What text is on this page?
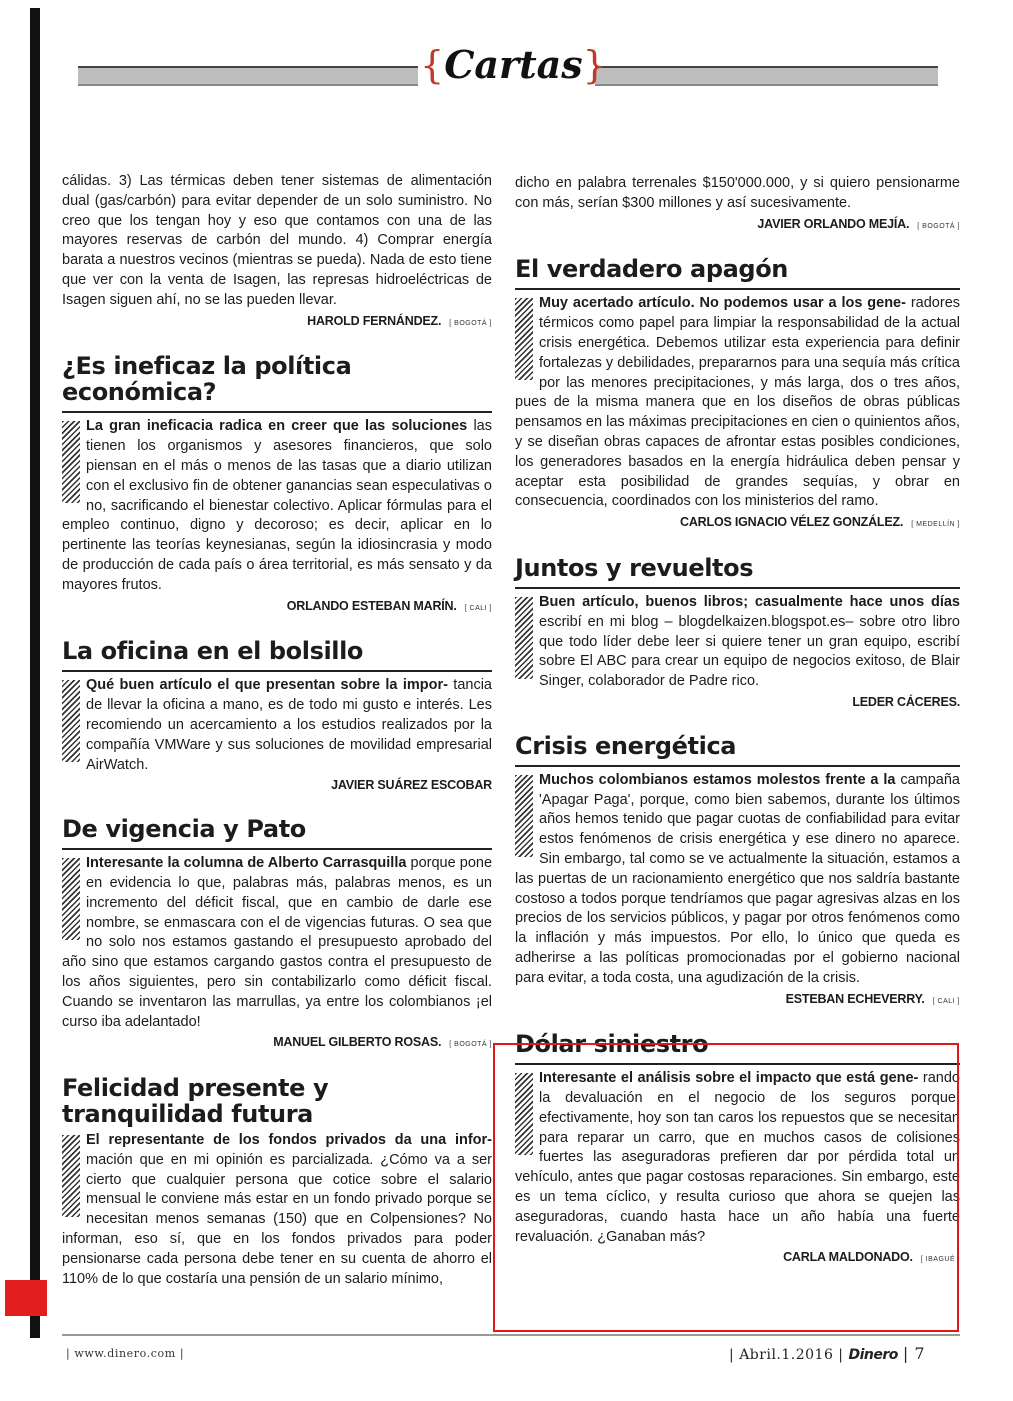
{Cartas}

cálidas. 3) Las térmicas deben tener sistemas de alimentación dual (gas/carbón) para evitar depender de un solo suministro. No creo que los tengan hoy y eso que contamos con una de las mayores reservas de carbón del mundo. 4) Comprar energía barata a nuestros vecinos (mientras se pueda). Nada de esto tiene que ver con la venta de Isagen, las represas hidroeléctricas de Isagen siguen ahí, no se las pueden llevar.

HAROLD FERNÁNDEZ. [ BOGOTÁ ]

¿Es ineficaz la política económica?

La gran ineficacia radica en creer que las soluciones las tienen los organismos y asesores financieros, que solo piensan en el más o menos de las tasas que a diario utilizan con el exclusivo fin de obtener ganancias sean especulativas o no, sacrificando el bienestar colectivo. Aplicar fórmulas para el empleo continuo, digno y decoroso; es decir, aplicar en lo pertinente las teorías keynesianas, según la idiosincrasia y modo de producción de cada país o área territorial, es más sensato y da mayores frutos.

ORLANDO ESTEBAN MARÍN. [ CALI ]

La oficina en el bolsillo

Qué buen artículo el que presentan sobre la impor- tancia de llevar la oficina a mano, es de todo mi gusto e interés. Les recomiendo un acercamiento a los estudios realizados por la compañía VMWare y sus soluciones de movilidad empresarial AirWatch.

JAVIER SUÁREZ ESCOBAR

De vigencia y Pato

Interesante la columna de Alberto Carrasquilla porque pone en evidencia lo que, palabras más, palabras menos, es un incremento del déficit fiscal, que en cambio de darle ese nombre, se enmascara con el de vigencias futuras. O sea que no solo nos estamos gastando el presupuesto aprobado del año sino que estamos cargando gastos contra el presupuesto de los años siguientes, pero sin contabilizarlo como déficit fiscal. Cuando se inventaron las marrullas, ya entre los colombianos ¡el curso iba adelantado!

MANUEL GILBERTO ROSAS. [ BOGOTÁ ]

Felicidad presente y tranquilidad futura

El representante de los fondos privados da una infor- mación que en mi opinión es parcializada. ¿Cómo va a ser cierto que cualquier persona que cotice sobre el salario mensual le conviene más estar en un fondo privado porque se necesitan menos semanas (150) que en Colpensiones? No informan, eso sí, que en los fondos privados para poder pensionarse cada persona debe tener en su cuenta de ahorro el 110% de lo que costaría una pensión de un salario mínimo,

dicho en palabra terrenales $150'000.000, y si quiero pensionarme con más, serían $300 millones y así sucesivamente.

JAVIER ORLANDO MEJÍA. [ BOGOTÁ ]

El verdadero apagón

Muy acertado artículo. No podemos usar a los gene- radores térmicos como papel para limpiar la responsabilidad de la actual crisis energética. Debemos utilizar esta experiencia para definir fortalezas y debilidades, prepararnos para una sequía más crítica por las menores precipitaciones, y más larga, dos o tres años, pues de la misma manera que en los diseños de obras públicas pensamos en las máximas precipitaciones en cien o quinientos años, y se diseñan obras capaces de afrontar estas posibles condiciones, los generadores basados en la energía hidráulica deben pensar y aceptar esta posibilidad de grandes sequías, y obrar en consecuencia, coordinados con los ministerios del ramo.

CARLOS IGNACIO VÉLEZ GONZÁLEZ. [ MEDELLÍN ]

Juntos y revueltos

Buen artículo, buenos libros; casualmente hace unos días escribí en mi blog – blogdelkaizen.blogspot.es– sobre otro libro que todo líder debe leer si quiere tener un gran equipo, escribí sobre El ABC para crear un equipo de negocios exitoso, de Blair Singer, colaborador de Padre rico.

LEDER CÁCERES.

Crisis energética

Muchos colombianos estamos molestos frente a la campaña 'Apagar Paga', porque, como bien sabemos, durante los últimos años hemos tenido que pagar cuotas de confiabilidad para evitar estos fenómenos de crisis energética y ese dinero no aparece. Sin embargo, tal como se ve actualmente la situación, estamos a las puertas de un racionamiento energético que nos saldría bastante costoso a todos porque tendríamos que pagar agresivas alzas en los precios de los servicios públicos, y pagar por otros fenómenos como la inflación y más impuestos. Por ello, lo único que queda es adherirse a las políticas promocionadas por el gobierno nacional para evitar, a toda costa, una agudización de la crisis.

ESTEBAN ECHEVERRY. [ CALI ]

Dólar siniestro

Interesante el análisis sobre el impacto que está gene- rando la devaluación en el negocio de los seguros porque, efectivamente, hoy son tan caros los repuestos que se necesitan para reparar un carro, que en muchos casos de colisiones fuertes las aseguradoras prefieren dar por pérdida total un vehículo, antes que pagar costosas reparaciones. Sin embargo, este es un tema cíclico, y resulta curioso que ahora se quejen las aseguradoras, cuando hasta hace un año había una fuerte revaluación. ¿Ganaban más?

CARLA MALDONADO. [ IBAGUÉ ]

| www.dinero.com |	| Abril.1.2016 | Dinero | 7
